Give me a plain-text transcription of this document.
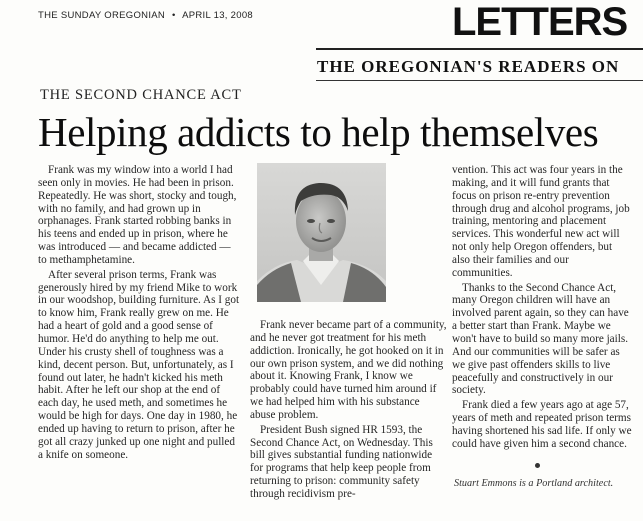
THE SUNDAY OREGONIAN • APRIL 13, 2008	LETTERS
THE OREGONIAN'S READERS ON
THE SECOND CHANCE ACT
Helping addicts to help themselves

Frank was my window into a world I had seen only in movies. He had been in prison. Repeatedly. He was short, stocky and tough, with no family, and had grown up in orphanages. Frank started robbing banks in his teens and ended up in prison, where he was introduced — and became addicted — to methamphetamine.

After several prison terms, Frank was generously hired by my friend Mike to work in our woodshop, building furniture. As I got to know him, Frank really grew on me. He had a heart of gold and a good sense of humor. He'd do anything to help me out. Under his crusty shell of toughness was a kind, decent person. But, unfortunately, as I found out later, he hadn't kicked his meth habit. After he left our shop at the end of each day, he used meth, and sometimes he would be high for days. One day in 1980, he ended up having to return to prison, after he got all crazy junked up one night and pulled a knife on someone.

Frank never became part of a community, and he never got treatment for his meth addiction. Ironically, he got hooked on it in our own prison system, and we did nothing about it. Knowing Frank, I know we probably could have turned him around if we had helped him with his substance abuse problem.

President Bush signed HR 1593, the Second Chance Act, on Wednesday. This bill gives substantial funding nationwide for programs that help keep people from returning to prison: community safety through recidivism pre-

vention. This act was four years in the making, and it will fund grants that focus on prison re-entry prevention through drug and alcohol programs, job training, mentoring and placement services. This wonderful new act will not only help Oregon offenders, but also their families and our communities.

Thanks to the Second Chance Act, many Oregon children will have an involved parent again, so they can have a better start than Frank. Maybe we won't have to build so many more jails. And our communities will be safer as we give past offenders skills to live peacefully and constructively in our society.

Frank died a few years ago at age 57, years of meth and repeated prison terms having shortened his sad life. If only we could have given him a second chance.

Stuart Emmons is a Portland architect.
